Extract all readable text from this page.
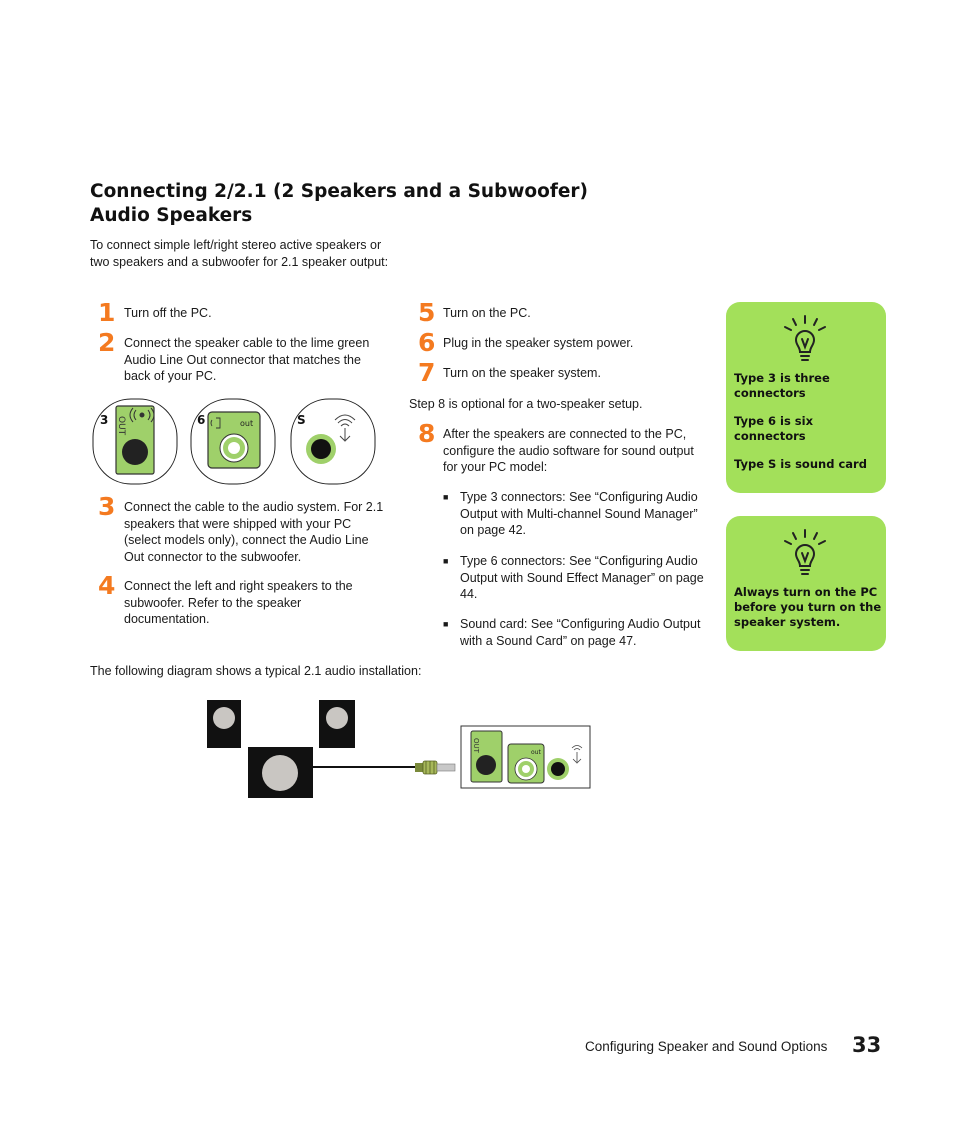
Connecting 2/2.1 (2 Speakers and a Subwoofer)
Audio Speakers
To connect simple left/right stereo active speakers or two speakers and a subwoofer for 2.1 speaker output:
1 Turn off the PC.
2 Connect the speaker cable to the lime green Audio Line Out connector that matches the back of your PC.
3 OUT	6	out	S
3 Connect the cable to the audio system. For 2.1 speakers that were shipped with your PC (select models only), connect the Audio Line Out connector to the subwoofer.
4 Connect the left and right speakers to the subwoofer. Refer to the speaker documentation.
5 Turn on the PC.
6 Plug in the speaker system power.
7 Turn on the speaker system.
Step 8 is optional for a two-speaker setup.
8 After the speakers are connected to the PC, configure the audio software for sound output for your PC model:
■ Type 3 connectors: See “Configuring Audio Output with Multi-channel Sound Manager” on page 42.
■ Type 6 connectors: See “Configuring Audio Output with Sound Effect Manager” on page 44.
■ Sound card: See “Configuring Audio Output with a Sound Card” on page 47.
Type 3 is three connectors
Type 6 is six connectors
Type S is sound card
Always turn on the PC before you turn on the speaker system.
The following diagram shows a typical 2.1 audio installation:
OUT	out
Configuring Speaker and Sound Options 33
